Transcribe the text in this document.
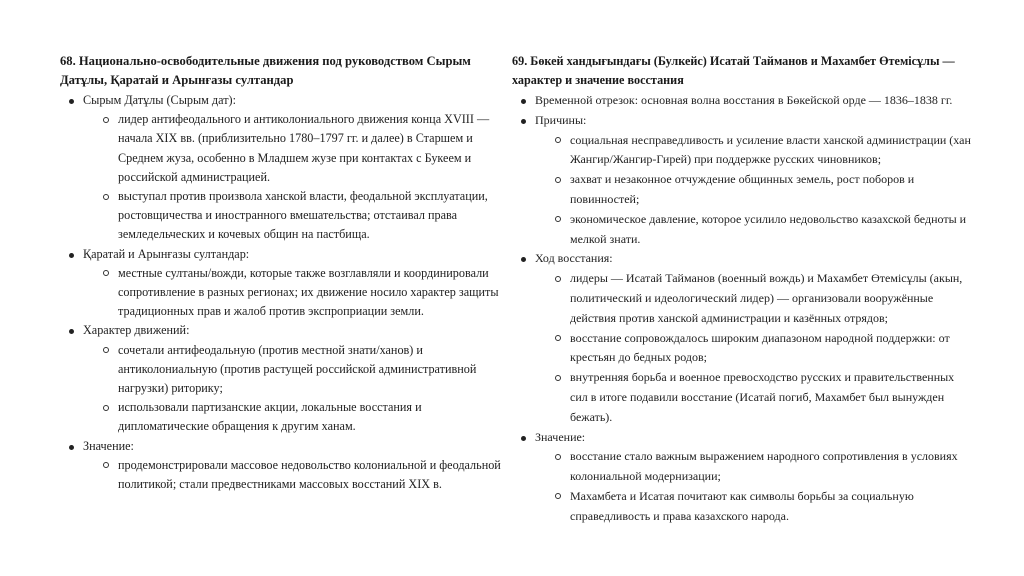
68. Национально-освободительные движения под руководством Сырым Датұлы, Қаратай и Арынғазы султандар
Сырым Датұлы (Сырым дат):
лидер антифеодального и антиколониального движения конца XVIII — начала XIX вв. (приблизительно 1780–1797 гг. и далее) в Старшем и Среднем жуза, особенно в Младшем жузе при контактах с Букеем и российской администрацией.
выступал против произвола ханской власти, феодальной эксплуатации, ростовщичества и иностранного вмешательства; отстаивал права земледельческих и кочевых общин на пастбища.
Қаратай и Арынғазы султандар:
местные султаны/вожди, которые также возглавляли и координировали сопротивление в разных регионах; их движение носило характер защиты традиционных прав и жалоб против экспроприации земли.
Характер движений:
сочетали антифеодальную (против местной знати/ханов) и антиколониальную (против растущей российской административной нагрузки) риторику;
использовали партизанские акции, локальные восстания и дипломатические обращения к другим ханам.
Значение:
продемонстрировали массовое недовольство колониальной и феодальной политикой; стали предвестниками массовых восстаний XIX в.
69. Бөкей хандығындағы (Булкейс) Исатай Тайманов и Махамбет Өтемісұлы — характер и значение восстания
Временной отрезок: основная волна восстания в Бөкейской орде — 1836–1838 гг.
Причины:
социальная несправедливость и усиление власти ханской администрации (хан Жангир/Жангир-Гирей) при поддержке русских чиновников;
захват и незаконное отчуждение общинных земель, рост поборов и повинностей;
экономическое давление, которое усилило недовольство казахской бедноты и мелкой знати.
Ход восстания:
лидеры — Исатай Тайманов (военный вождь) и Махамбет Өтемісұлы (акын, политический и идеологический лидер) — организовали вооружённые действия против ханской администрации и казённых отрядов;
восстание сопровождалось широким диапазоном народной поддержки: от крестьян до бедных родов;
внутренняя борьба и военное превосходство русских и правительственных сил в итоге подавили восстание (Исатай погиб, Махамбет был вынужден бежать).
Значение:
восстание стало важным выражением народного сопротивления в условиях колониальной модернизации;
Махамбета и Исатая почитают как символы борьбы за социальную справедливость и права казахского народа.
